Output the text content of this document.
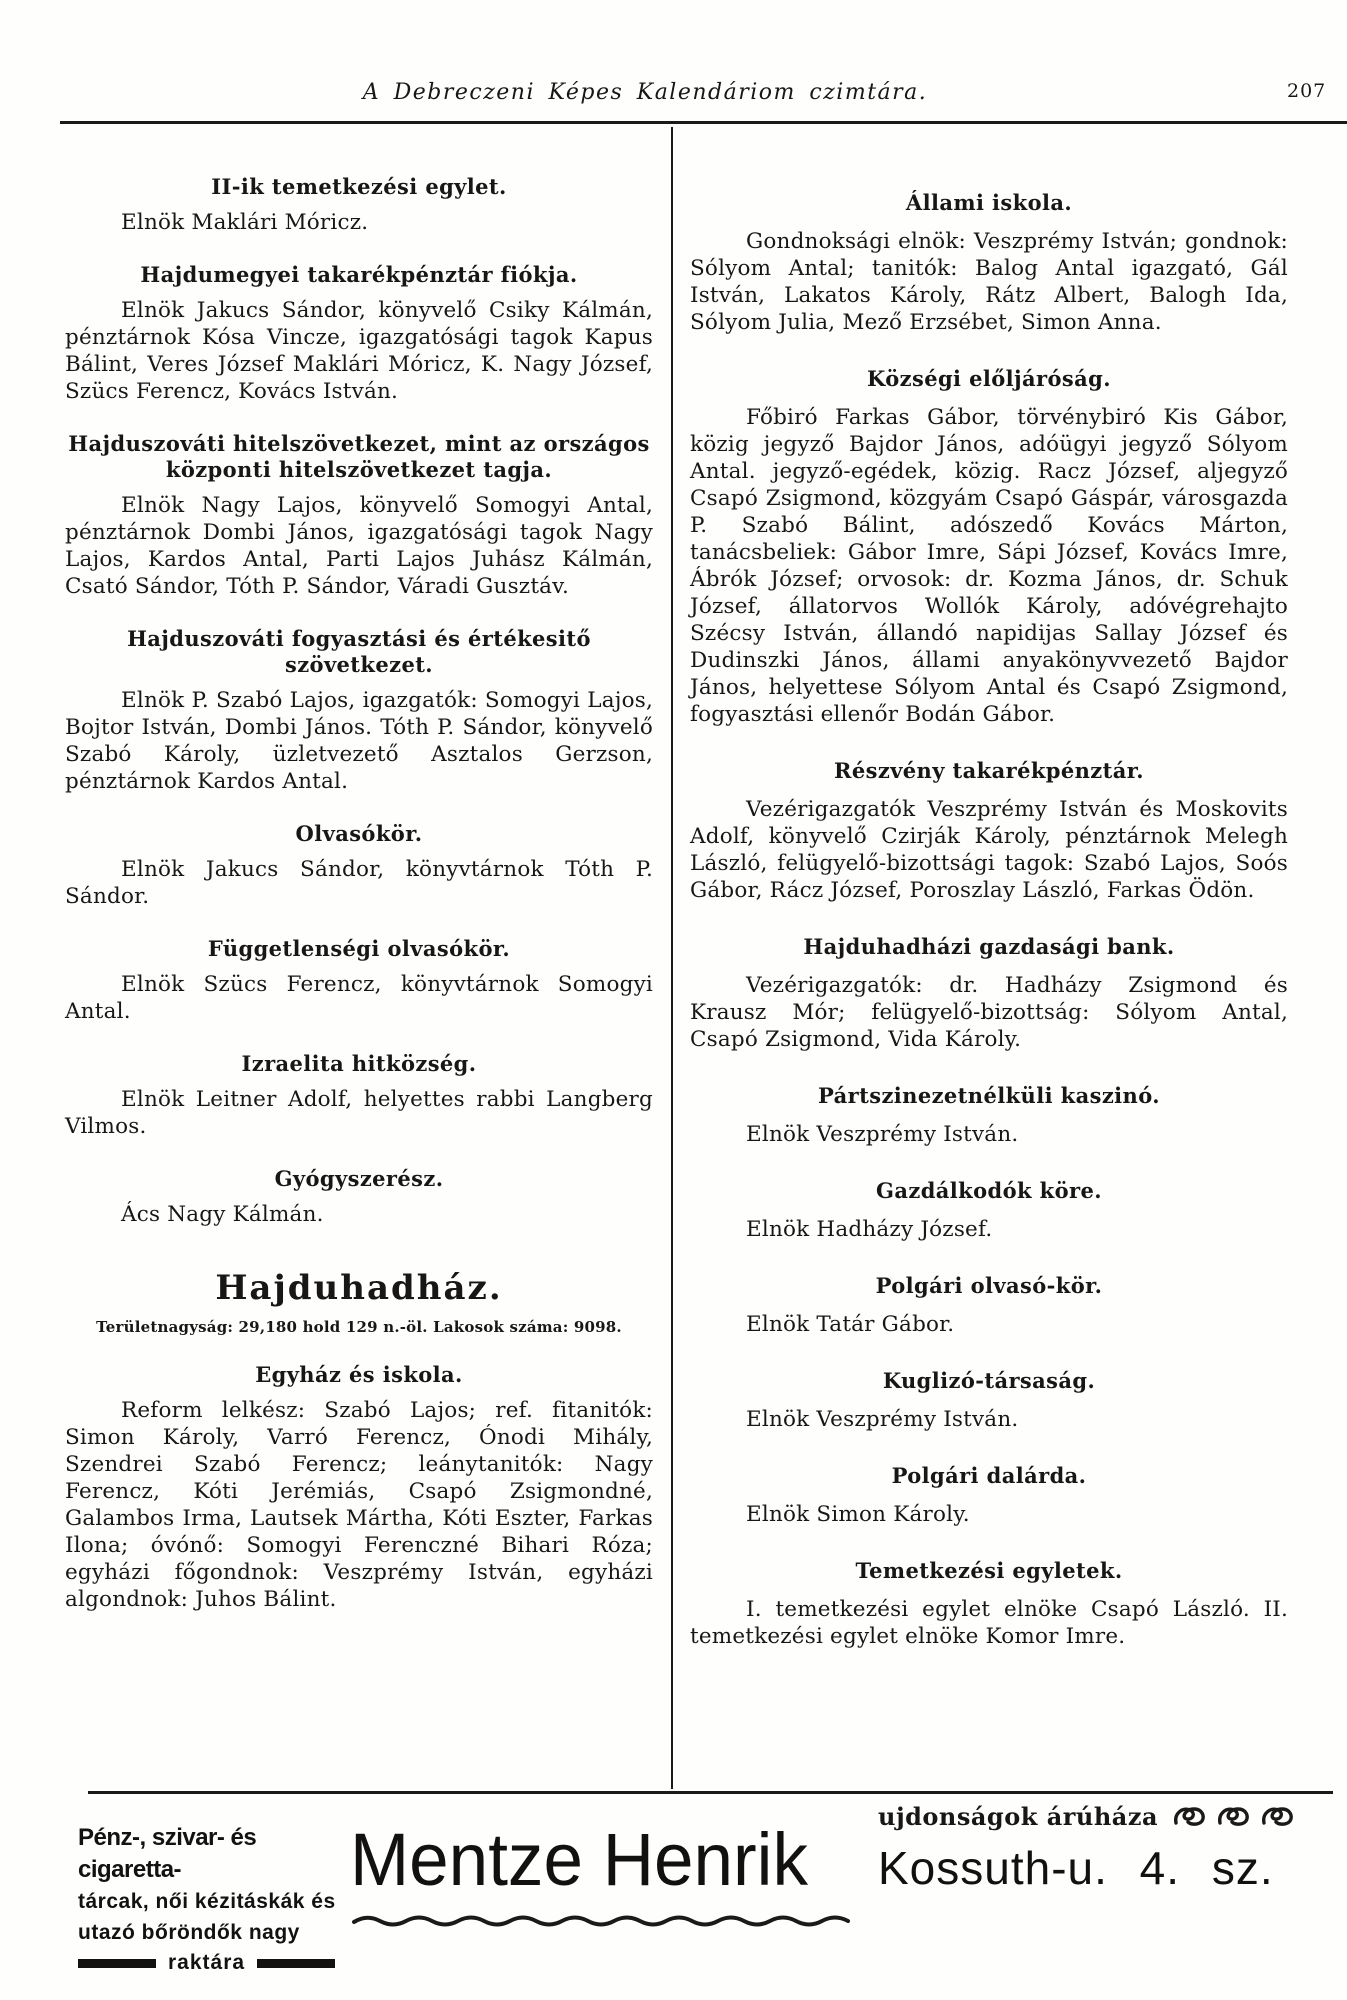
A Debreczeni Képes Kalendáriom czimtára.	207
II-ik temetkezési egylet.

Elnök Maklári Móricz.

Hajdumegyei takarékpénztár fiókja.

Elnök Jakucs Sándor, könyvelő Csiky Kálmán, pénztárnok Kósa Vincze, igazgatósági tagok Kapus Bálint, Veres József Maklári Móricz, K. Nagy József, Szücs Ferencz, Kovács István.

Hajduszováti hitelszövetkezet, mint az országos központi hitelszövetkezet tagja.

Elnök Nagy Lajos, könyvelő Somogyi Antal, pénztárnok Dombi János, igazgatósági tagok Nagy Lajos, Kardos Antal, Parti Lajos Juhász Kálmán, Csató Sándor, Tóth P. Sándor, Váradi Gusztáv.

Hajduszováti fogyasztási és értékesitő szövetkezet.

Elnök P. Szabó Lajos, igazgatók: Somogyi Lajos, Bojtor István, Dombi János. Tóth P. Sándor, könyvelő Szabó Károly, üzletvezető Asztalos Gerzson, pénztárnok Kardos Antal.

Olvasókör.

Elnök Jakucs Sándor, könyvtárnok Tóth P. Sándor.

Függetlenségi olvasókör.

Elnök Szücs Ferencz, könyvtárnok Somogyi Antal.

Izraelita hitközség.

Elnök Leitner Adolf, helyettes rabbi Langberg Vilmos.

Gyógyszerész.

Ács Nagy Kálmán.

Hajduhadház.
Területnagyság: 29,180 hold 129 n.-öl. Lakosok száma: 9098.
Egyház és iskola.

Reform lelkész: Szabó Lajos; ref. fitanitók: Simon Károly, Varró Ferencz, Ónodi Mihály, Szendrei Szabó Ferencz; leánytanitók: Nagy Ferencz, Kóti Jerémiás, Csapó Zsigmondné, Galambos Irma, Lautsek Mártha, Kóti Eszter, Farkas Ilona; óvónő: Somogyi Ferenczné Bihari Róza; egyházi főgondnok: Veszprémy István, egyházi algondnok: Juhos Bálint.

Állami iskola.

Gondnoksági elnök: Veszprémy István; gondnok: Sólyom Antal; tanitók: Balog Antal igazgató, Gál István, Lakatos Károly, Rátz Albert, Balogh Ida, Sólyom Julia, Mező Erzsébet, Simon Anna.

Községi előljáróság.

Főbiró Farkas Gábor, törvénybiró Kis Gábor, közig jegyző Bajdor János, adóügyi jegyző Sólyom Antal. jegyző-egédek, közig. Racz József, aljegyző Csapó Zsigmond, közgyám Csapó Gáspár, városgazda P. Szabó Bálint, adószedő Kovács Márton, tanácsbeliek: Gábor Imre, Sápi József, Kovács Imre, Ábrók József; orvosok: dr. Kozma János, dr. Schuk József, állatorvos Wollók Károly, adóvégrehajto Szécsy István, állandó napidijas Sallay József és Dudinszki János, állami anyakönyvvezető Bajdor János, helyettese Sólyom Antal és Csapó Zsigmond, fogyasztási ellenőr Bodán Gábor.

Részvény takarékpénztár.

Vezérigazgatók Veszprémy István és Moskovits Adolf, könyvelő Czirják Károly, pénztárnok Melegh László, felügyelő-bizottsági tagok: Szabó Lajos, Soós Gábor, Rácz József, Poroszlay László, Farkas Ödön.

Hajduhadházi gazdasági bank.

Vezérigazgatók: dr. Hadházy Zsigmond és Krausz Mór; felügyelő-bizottság: Sólyom Antal, Csapó Zsigmond, Vida Károly.

Pártszinezetnélküli kaszinó.

Elnök Veszprémy István.

Gazdálkodók köre.

Elnök Hadházy József.

Polgári olvasó-kör.

Elnök Tatár Gábor.

Kuglizó-társaság.

Elnök Veszprémy István.

Polgári dalárda.

Elnök Simon Károly.

Temetkezési egyletek.

I. temetkezési egylet elnöke Csapó László. II. temetkezési egylet elnöke Komor Imre.

Pénz-, szivar- és cigaretta-
tárcak, női kézitáskák és
utazó bőröndők nagy
raktára
Mentze Henrik
ujdonságok árúháza
Kossuth-u. 4. sz.
